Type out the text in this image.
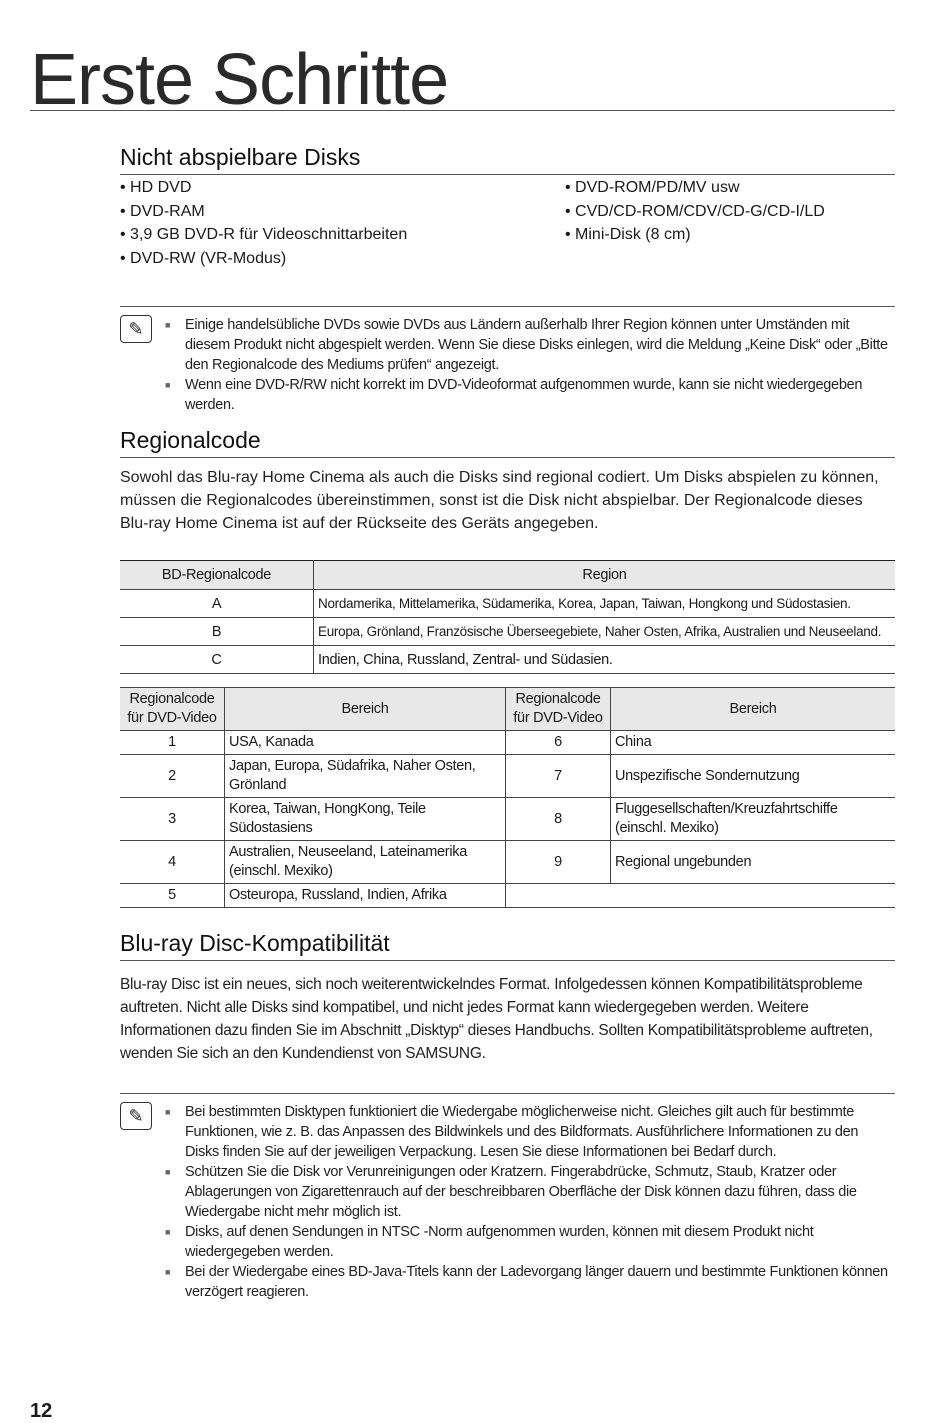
Erste Schritte
Nicht abspielbare Disks
• HD DVD
• DVD-RAM
• 3,9 GB DVD-R für Videoschnittarbeiten
• DVD-RW (VR-Modus)
• DVD-ROM/PD/MV usw
• CVD/CD-ROM/CDV/CD-G/CD-I/LD
• Mini-Disk (8 cm)
✎	■ Einige handelsübliche DVDs sowie DVDs aus Ländern außerhalb Ihrer Region können unter Umständen mit diesem Produkt nicht abgespielt werden. Wenn Sie diese Disks einlegen, wird die Meldung „Keine Disk“ oder „Bitte den Regionalcode des Mediums prüfen“ angezeigt.
■ Wenn eine DVD-R/RW nicht korrekt im DVD-Videoformat aufgenommen wurde, kann sie nicht wiedergegeben werden.
Regionalcode
Sowohl das Blu-ray Home Cinema als auch die Disks sind regional codiert. Um Disks abspielen zu können, müssen die Regionalcodes übereinstimmen, sonst ist die Disk nicht abspielbar. Der Regionalcode dieses Blu-ray Home Cinema ist auf der Rückseite des Geräts angegeben.
BD-Regionalcode	Region
A	Nordamerika, Mittelamerika, Südamerika, Korea, Japan, Taiwan, Hongkong und Südostasien.
B	Europa, Grönland, Französische Überseegebiete, Naher Osten, Afrika, Australien und Neuseeland.
C	Indien, China, Russland, Zentral- und Südasien.
Regionalcode für DVD-Video	Bereich	Regionalcode für DVD-Video	Bereich
1	USA, Kanada	6	China
2	Japan, Europa, Südafrika, Naher Osten, Grönland	7	Unspezifische Sondernutzung
3	Korea, Taiwan, HongKong, Teile Südostasiens	8	Fluggesellschaften/Kreuzfahrtschiffe (einschl. Mexiko)
4	Australien, Neuseeland, Lateinamerika (einschl. Mexiko)	9	Regional ungebunden
5	Osteuropa, Russland, Indien, Afrika		
Blu-ray Disc-Kompatibilität
Blu-ray Disc ist ein neues, sich noch weiterentwickelndes Format. Infolgedessen können Kompatibilitätsprobleme auftreten. Nicht alle Disks sind kompatibel, und nicht jedes Format kann wiedergegeben werden. Weitere Informationen dazu finden Sie im Abschnitt „Disktyp“ dieses Handbuchs. Sollten Kompatibilitätsprobleme auftreten, wenden Sie sich an den Kundendienst von SAMSUNG.
✎	■ Bei bestimmten Disktypen funktioniert die Wiedergabe möglicherweise nicht. Gleiches gilt auch für bestimmte Funktionen, wie z. B. das Anpassen des Bildwinkels und des Bildformats. Ausführlichere Informationen zu den Disks finden Sie auf der jeweiligen Verpackung. Lesen Sie diese Informationen bei Bedarf durch.
■ Schützen Sie die Disk vor Verunreinigungen oder Kratzern. Fingerabdrücke, Schmutz, Staub, Kratzer oder Ablagerungen von Zigarettenrauch auf der beschreibbaren Oberfläche der Disk können dazu führen, dass die Wiedergabe nicht mehr möglich ist.
■ Disks, auf denen Sendungen in NTSC -Norm aufgenommen wurden, können mit diesem Produkt nicht wiedergegeben werden.
■ Bei der Wiedergabe eines BD-Java-Titels kann der Ladevorgang länger dauern und bestimmte Funktionen können verzögert reagieren.
12
